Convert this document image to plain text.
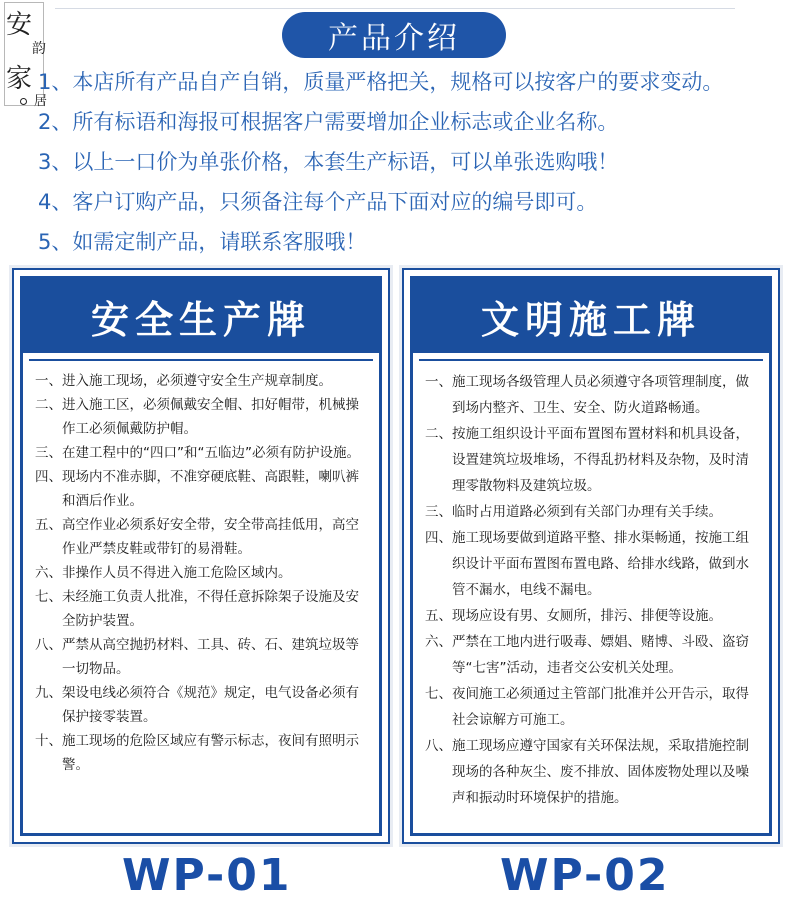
安
韵
家
居
产品介绍
1、本店所有产品自产自销，质量严格把关，规格可以按客户的要求变动。
2、所有标语和海报可根据客户需要增加企业标志或企业名称。
3、以上一口价为单张价格，本套生产标语，可以单张选购哦！
4、客户订购产品，只须备注每个产品下面对应的编号即可。
5、如需定制产品，请联系客服哦！
安全生产牌
一、 进入施工现场，必须遵守安全生产规章制度。
二、 进入施工区，必须佩戴安全帽、扣好帽带，机械操作工必须佩戴防护帽。
三、 在建工程中的“四口”和“五临边”必须有防护设施。
四、 现场内不准赤脚，不准穿硬底鞋、高跟鞋，喇叭裤和酒后作业。
五、 高空作业必须系好安全带，安全带高挂低用，高空作业严禁皮鞋或带钉的易滑鞋。
六、 非操作人员不得进入施工危险区域内。
七、 未经施工负责人批准，不得任意拆除架子设施及安全防护装置。
八、 严禁从高空抛扔材料、工具、砖、石、建筑垃圾等一切物品。
九、 架设电线必须符合《规范》规定，电气设备必须有保护接零装置。
十、 施工现场的危险区域应有警示标志，夜间有照明示警。
文明施工牌
一、 施工现场各级管理人员必须遵守各项管理制度，做到场内整齐、卫生、安全、防火道路畅通。
二、 按施工组织设计平面布置图布置材料和机具设备，设置建筑垃圾堆场，不得乱扔材料及杂物，及时清理零散物料及建筑垃圾。
三、 临时占用道路必须到有关部门办理有关手续。
四、 施工现场要做到道路平整、排水渠畅通，按施工组织设计平面布置图布置电路、给排水线路，做到水管不漏水，电线不漏电。
五、 现场应设有男、女厕所，排污、排便等设施。
六、 严禁在工地内进行吸毒、嫖娼、赌博、斗殴、盗窃等“七害”活动，违者交公安机关处理。
七、 夜间施工必须通过主管部门批准并公开告示，取得社会谅解方可施工。
八、 施工现场应遵守国家有关环保法规，采取措施控制现场的各种灰尘、废不排放、固体废物处理以及噪声和振动时环境保护的措施。
WP-01	WP-02
